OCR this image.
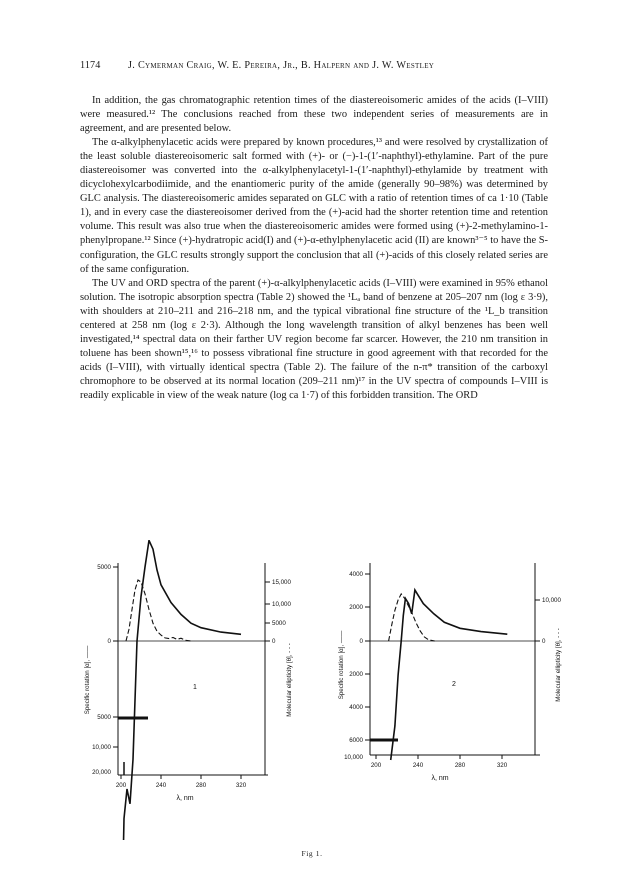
1174	J. Cymerman Craig, W. E. Pereira, Jr., B. Halpern and J. W. Westley

In addition, the gas chromatographic retention times of the diastereoisomeric amides of the acids (I–VIII) were measured.¹² The conclusions reached from these two independent series of measurements are in agreement, and are presented below.

The α-alkylphenylacetic acids were prepared by known procedures,¹³ and were resolved by crystallization of the least soluble diastereoisomeric salt formed with (+)- or (−)-1-(1′-naphthyl)-ethylamine. Part of the pure diastereoisomer was converted into the α-alkylphenylacetyl-1-(1′-naphthyl)-ethylamide by treatment with dicyclohexylcarbodiimide, and the enantiomeric purity of the amide (generally 90–98%) was determined by GLC analysis. The diastereoisomeric amides separated on GLC with a ratio of retention times of ca 1·10 (Table 1), and in every case the diastereoisomer derived from the (+)-acid had the shorter retention time and retention volume. This result was also true when the diastereoisomeric amides were formed using (+)-2-methylamino-1-phenylpropane.¹² Since (+)-hydratropic acid(I) and (+)-α-ethylphenylacetic acid (II) are known³⁻⁵ to have the S-configuration, the GLC results strongly support the conclusion that all (+)-acids of this closely related series are of the same configuration.

The UV and ORD spectra of the parent (+)-α-alkylphenylacetic acids (I–VIII) were examined in 95% ethanol solution. The isotropic absorption spectra (Table 2) showed the ¹Lₐ band of benzene at 205–207 nm (log ε 3·9), with shoulders at 210–211 and 216–218 nm, and the typical vibrational fine structure of the ¹L_b transition centered at 258 nm (log ε 2·3). Although the long wavelength transition of alkyl benzenes has been well investigated,¹⁴ spectral data on their farther UV region become far scarcer. However, the 210 nm transition in toluene has been shown¹⁵,¹⁶ to possess vibrational fine structure in good agreement with that recorded for the acids (I–VIII), with virtually identical spectra (Table 2). The failure of the n-π* transition of the carboxyl chromophore to be observed at its normal location (209–211 nm)¹⁷ in the UV spectra of compounds I–VIII is readily explicable in view of the weak nature (log ca 1·7) of this forbidden transition. The ORD

5000
0
5000
10,000
20,000
15,000
10,000
5000
0
200	240	280	320
λ, nm
1
Specific rotation [α], ——	Molecular ellipticity [θ], - - -
4000
2000
0
2000
4000
6000
10,000
10,000
0
200	240	280	320
λ, nm
2
Specific rotation [α], ——	Molecular ellipticity [θ], - - -
Fig 1.
